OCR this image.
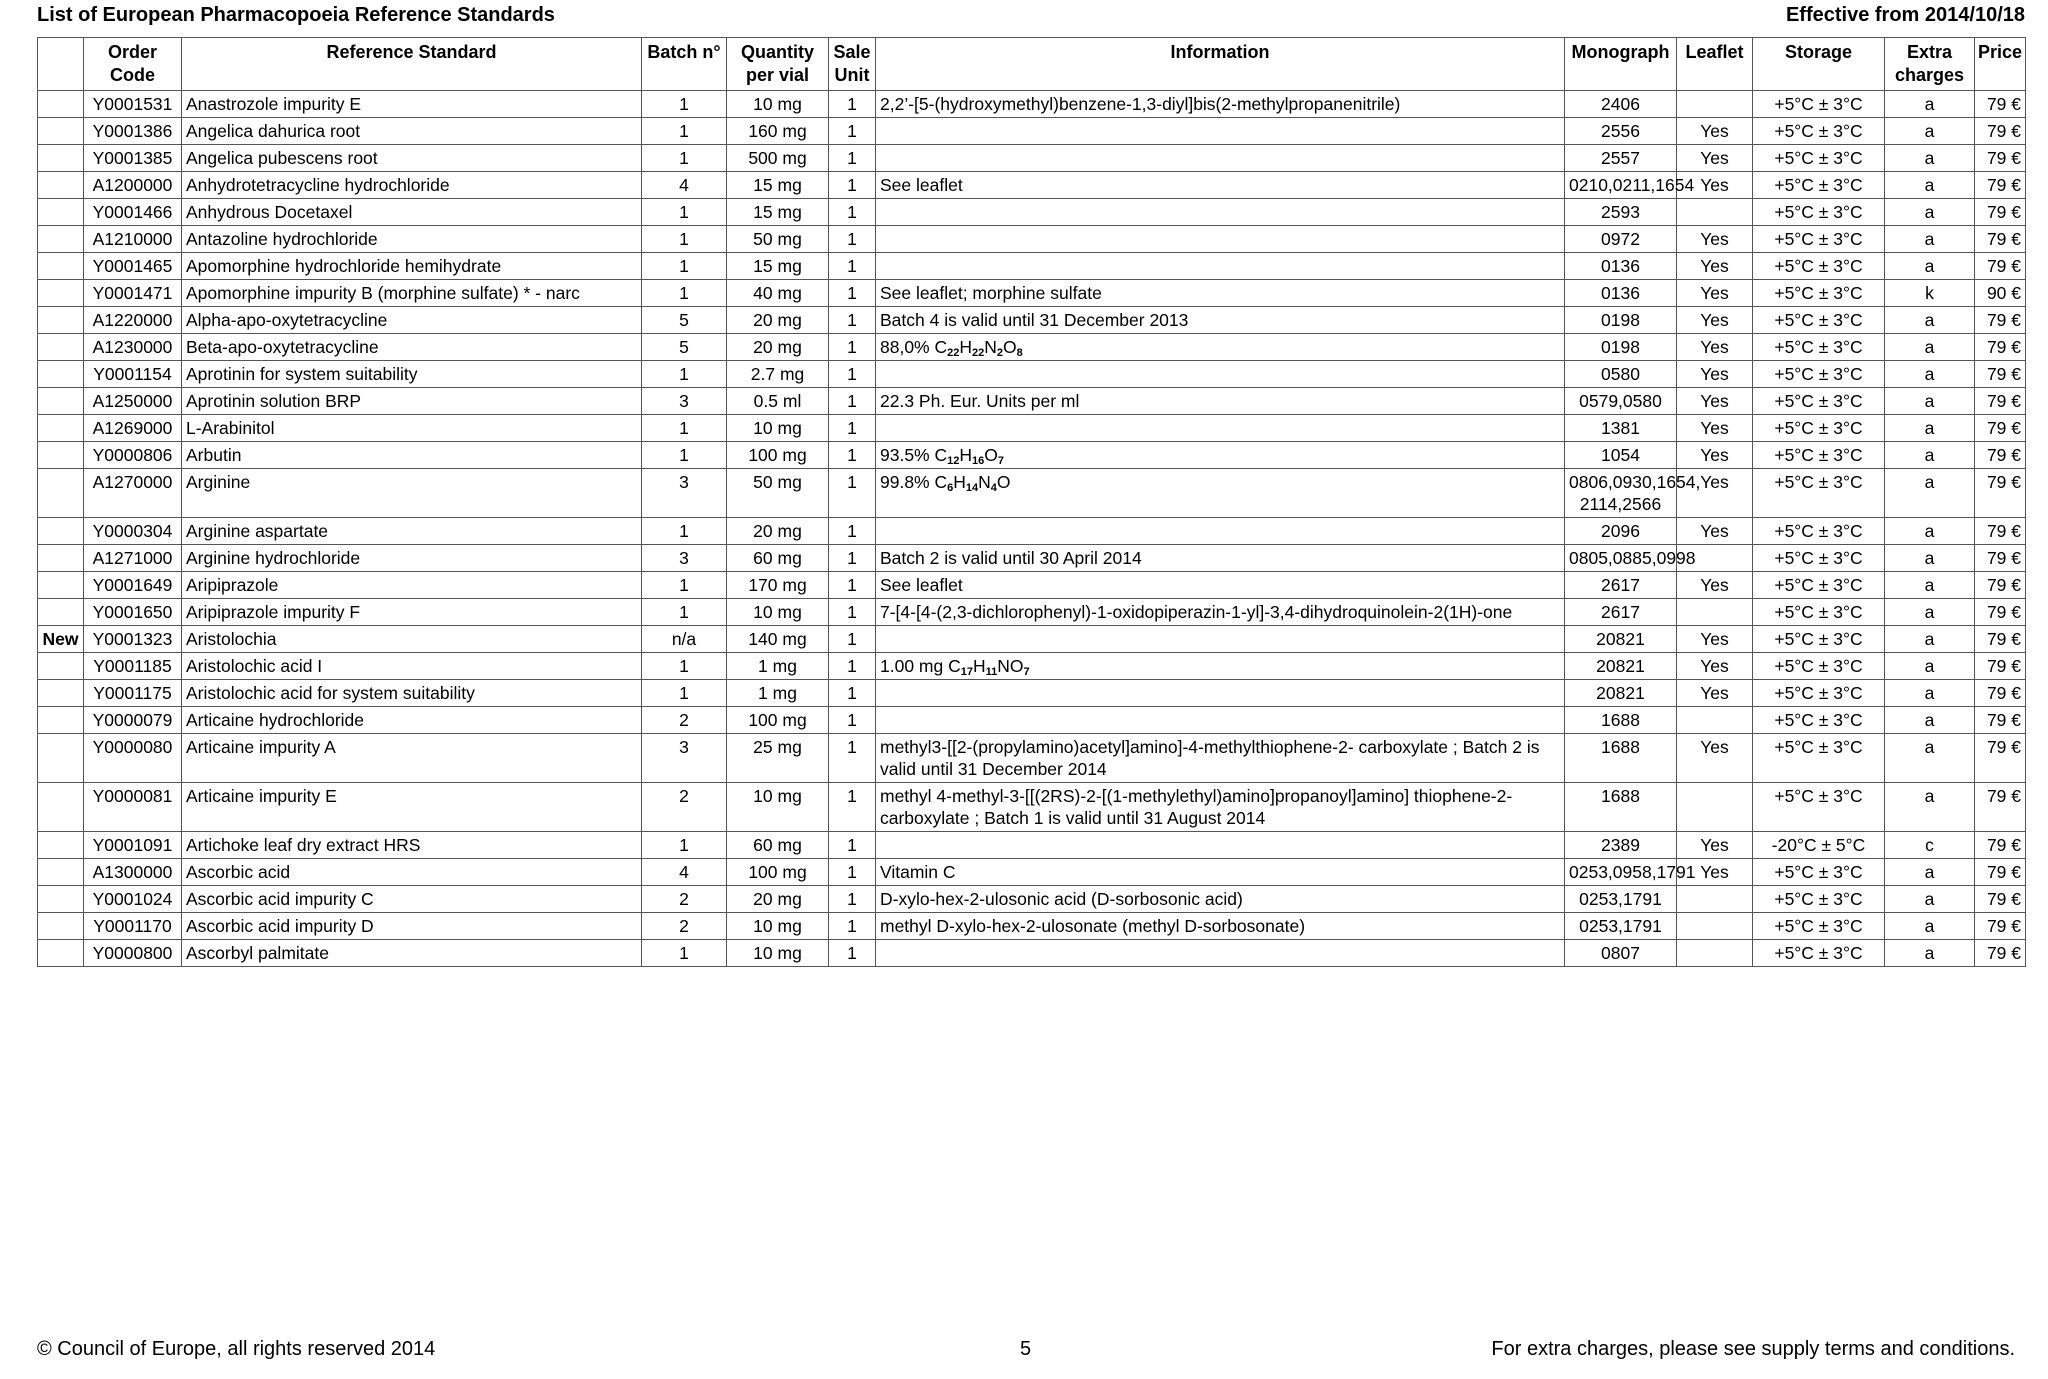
List of European Pharmacopoeia Reference Standards	Effective from 2014/10/18
	Order Code	Reference Standard	Batch n°	Quantity per vial	Sale Unit	Information	Monograph	Leaflet	Storage	Extra charges	Price
	Y0001531	Anastrozole impurity E	1	10 mg	1	2,2’-[5-(hydroxymethyl)benzene-1,3-diyl]bis(2-methylpropanenitrile)	2406		+5°C ± 3°C	a	79 €
	Y0001386	Angelica dahurica root	1	160 mg	1		2556	Yes	+5°C ± 3°C	a	79 €
	Y0001385	Angelica pubescens root	1	500 mg	1		2557	Yes	+5°C ± 3°C	a	79 €
	A1200000	Anhydrotetracycline hydrochloride	4	15 mg	1	See leaflet	0210,0211,1654	Yes	+5°C ± 3°C	a	79 €
	Y0001466	Anhydrous Docetaxel	1	15 mg	1		2593		+5°C ± 3°C	a	79 €
	A1210000	Antazoline hydrochloride	1	50 mg	1		0972	Yes	+5°C ± 3°C	a	79 €
	Y0001465	Apomorphine hydrochloride hemihydrate	1	15 mg	1		0136	Yes	+5°C ± 3°C	a	79 €
	Y0001471	Apomorphine impurity B (morphine sulfate) * - narc	1	40 mg	1	See leaflet; morphine sulfate	0136	Yes	+5°C ± 3°C	k	90 €
	A1220000	Alpha-apo-oxytetracycline	5	20 mg	1	Batch 4 is valid until 31 December 2013	0198	Yes	+5°C ± 3°C	a	79 €
	A1230000	Beta-apo-oxytetracycline	5	20 mg	1	88,0% $C_{22}H_{22}N_2O_8$	0198	Yes	+5°C ± 3°C	a	79 €
	Y0001154	Aprotinin for system suitability	1	2.7 mg	1		0580	Yes	+5°C ± 3°C	a	79 €
	A1250000	Aprotinin solution BRP	3	0.5 ml	1	22.3 Ph. Eur. Units per ml	0579,0580	Yes	+5°C ± 3°C	a	79 €
	A1269000	L-Arabinitol	1	10 mg	1		1381	Yes	+5°C ± 3°C	a	79 €
	Y0000806	Arbutin	1	100 mg	1	93.5% $C_{12}H_{16}O_7$	1054	Yes	+5°C ± 3°C	a	79 €
	A1270000	Arginine	3	50 mg	1	99.8% $C_6H_{14}N_4O$	0806,0930,1654, 2114,2566	Yes	+5°C ± 3°C	a	79 €
	Y0000304	Arginine aspartate	1	20 mg	1		2096	Yes	+5°C ± 3°C	a	79 €
	A1271000	Arginine hydrochloride	3	60 mg	1	Batch 2 is valid until 30 April 2014	0805,0885,0998		+5°C ± 3°C	a	79 €
	Y0001649	Aripiprazole	1	170 mg	1	See leaflet	2617	Yes	+5°C ± 3°C	a	79 €
	Y0001650	Aripiprazole impurity F	1	10 mg	1	7-[4-[4-(2,3-dichlorophenyl)-1-oxidopiperazin-1-yl]-3,4-dihydroquinolein-2(1H)-one	2617		+5°C ± 3°C	a	79 €
New	Y0001323	Aristolochia	n/a	140 mg	1		20821	Yes	+5°C ± 3°C	a	79 €
	Y0001185	Aristolochic acid I	1	1 mg	1	1.00 mg $C_{17}H_{11}NO_7$	20821	Yes	+5°C ± 3°C	a	79 €
	Y0001175	Aristolochic acid for system suitability	1	1 mg	1		20821	Yes	+5°C ± 3°C	a	79 €
	Y0000079	Articaine hydrochloride	2	100 mg	1		1688		+5°C ± 3°C	a	79 €
	Y0000080	Articaine impurity A	3	25 mg	1	methyl3-[[2-(propylamino)acetyl]amino]-4-methylthiophene-2- carboxylate ; Batch 2 is valid until 31 December 2014	1688	Yes	+5°C ± 3°C	a	79 €
	Y0000081	Articaine impurity E	2	10 mg	1	methyl 4-methyl-3-[[(2RS)-2-[(1-methylethyl)amino]propanoyl]amino] thiophene-2-carboxylate ; Batch 1 is valid until 31 August 2014	1688		+5°C ± 3°C	a	79 €
	Y0001091	Artichoke leaf dry extract HRS	1	60 mg	1		2389	Yes	-20°C ± 5°C	c	79 €
	A1300000	Ascorbic acid	4	100 mg	1	Vitamin C	0253,0958,1791	Yes	+5°C ± 3°C	a	79 €
	Y0001024	Ascorbic acid impurity C	2	20 mg	1	D-xylo-hex-2-ulosonic acid (D-sorbosonic acid)	0253,1791		+5°C ± 3°C	a	79 €
	Y0001170	Ascorbic acid impurity D	2	10 mg	1	methyl D-xylo-hex-2-ulosonate (methyl D-sorbosonate)	0253,1791		+5°C ± 3°C	a	79 €
	Y0000800	Ascorbyl palmitate	1	10 mg	1		0807		+5°C ± 3°C	a	79 €
© Council of Europe, all rights reserved 2014	5	For extra charges, please see supply terms and conditions.
